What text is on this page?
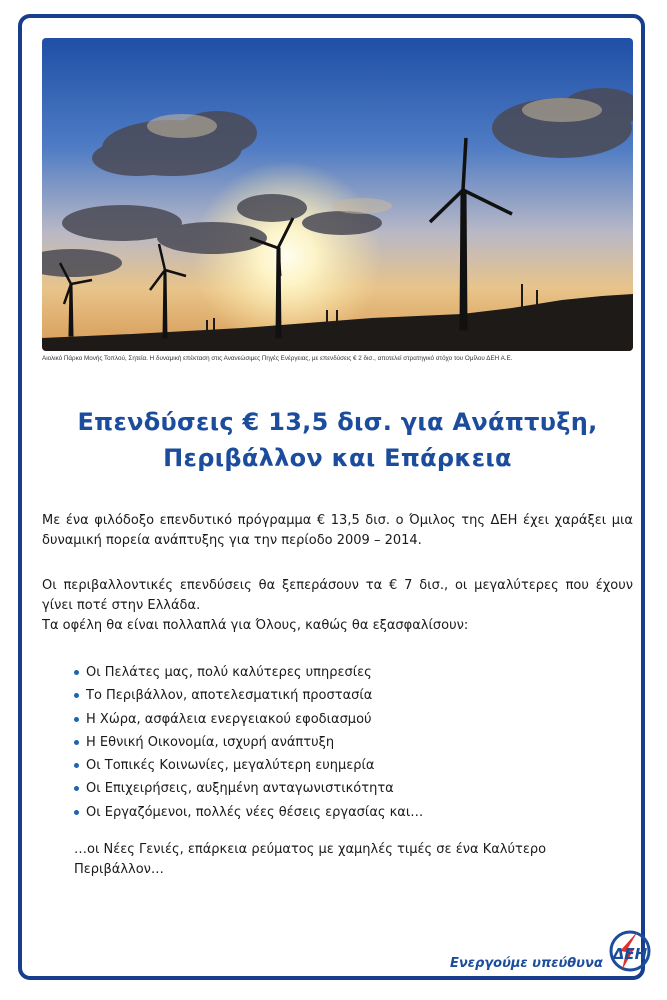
Αιολικό Πάρκο Μονής Τοπλού, Σητεία. Η δυναμική επέκταση στις Ανανεώσιμες Πηγές Ενέργειας, με επενδύσεις € 2 δισ., αποτελεί στρατηγικό στόχο του Ομίλου ΔΕΗ Α.Ε.
Επενδύσεις € 13,5 δισ. για Ανάπτυξη,
Περιβάλλον και Επάρκεια
Με ένα φιλόδοξο επενδυτικό πρόγραμμα € 13,5 δισ. ο Όμιλος της ΔΕΗ έχει χαράξει μια δυναμική πορεία ανάπτυξης για την περίοδο 2009 – 2014.
Οι περιβαλλοντικές επενδύσεις θα ξεπεράσουν τα € 7 δισ., οι μεγαλύτερες που έχουν γίνει ποτέ στην Ελλάδα.
Τα οφέλη θα είναι πολλαπλά για Όλους, καθώς θα εξασφαλίσουν:
Οι Πελάτες μας, πολύ καλύτερες υπηρεσίες
Το Περιβάλλον, αποτελεσματική προστασία
Η Χώρα, ασφάλεια ενεργειακού εφοδιασμού
Η Εθνική Οικονομία, ισχυρή ανάπτυξη
Οι Τοπικές Κοινωνίες, μεγαλύτερη ευημερία
Οι Επιχειρήσεις, αυξημένη ανταγωνιστικότητα
Οι Εργαζόμενοι, πολλές νέες θέσεις εργασίας και…
…οι Νέες Γενιές, επάρκεια ρεύματος με χαμηλές τιμές σε ένα Καλύτερο Περιβάλλον…
Ενεργούμε υπεύθυνα
ΔΕΗ
